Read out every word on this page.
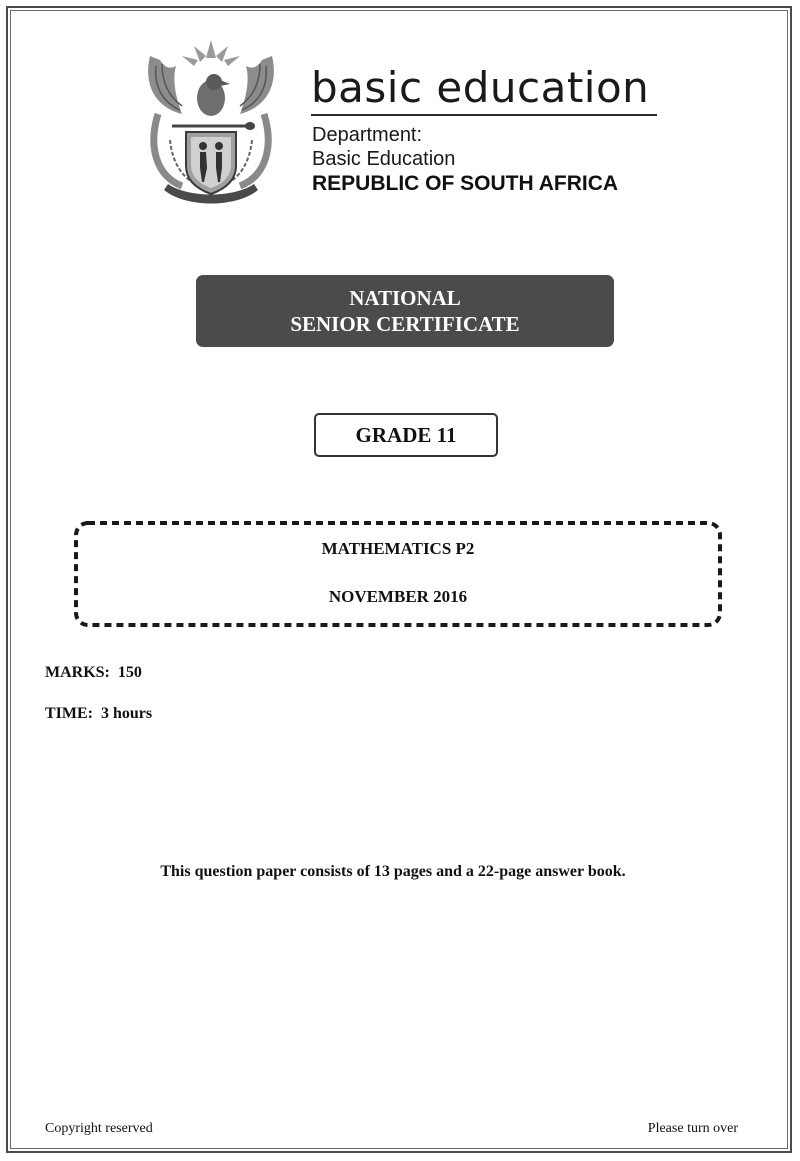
basic education
Department:
Basic Education
REPUBLIC OF SOUTH AFRICA
NATIONAL
SENIOR CERTIFICATE
GRADE 11
MATHEMATICS P2
NOVEMBER 2016
MARKS: 150
TIME: 3 hours
This question paper consists of 13 pages and a 22-page answer book.
Copyright reserved	Please turn over
